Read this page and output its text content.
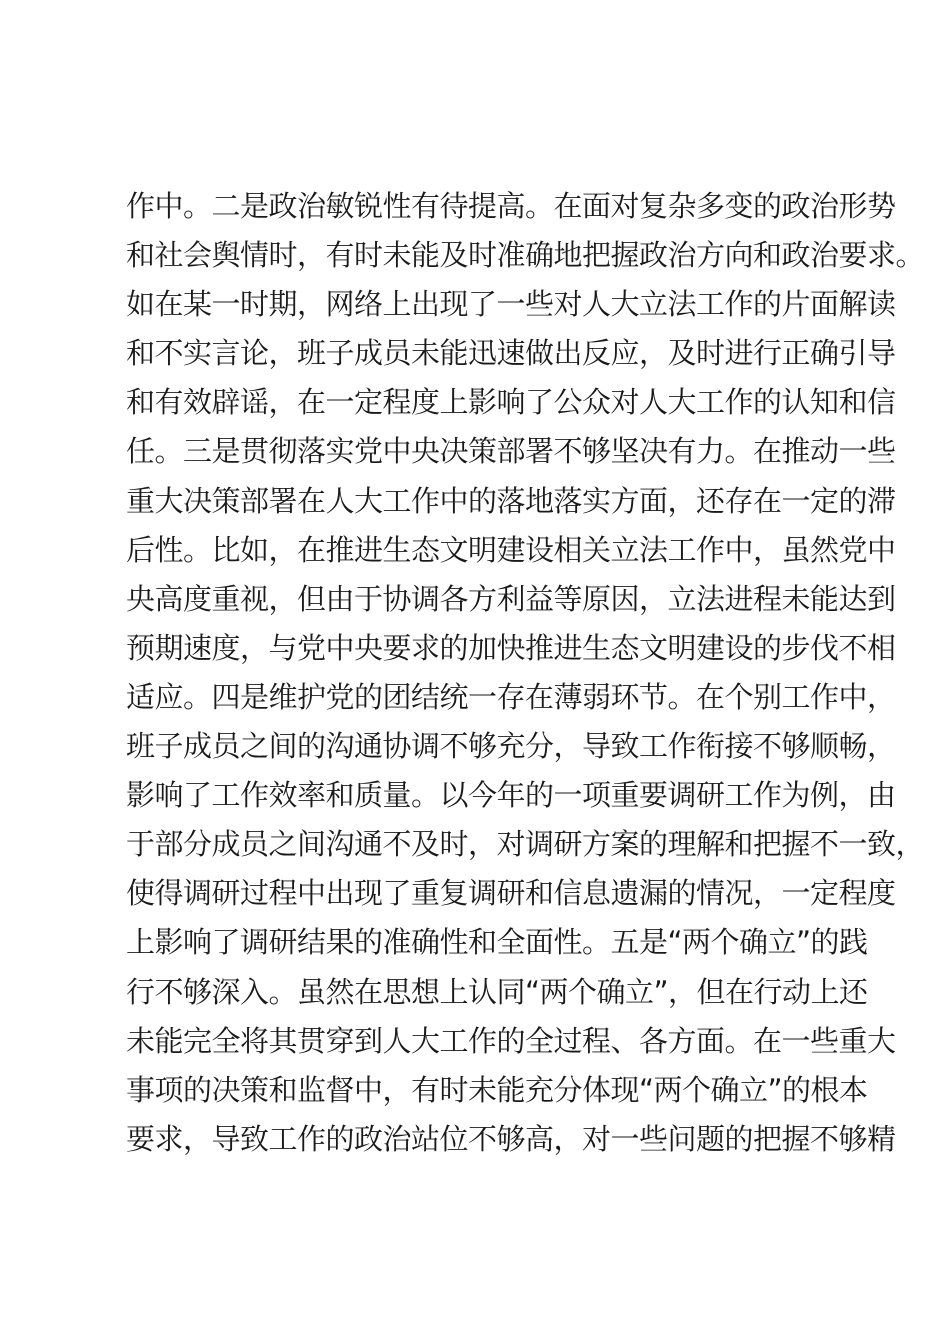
作中。二是政治敏锐性有待提高。在面对复杂多变的政治形势
和社会舆情时，有时未能及时准确地把握政治方向和政治要求。
如在某一时期，网络上出现了一些对人大立法工作的片面解读
和不实言论，班子成员未能迅速做出反应，及时进行正确引导
和有效辟谣，在一定程度上影响了公众对人大工作的认知和信
任。三是贯彻落实党中央决策部署不够坚决有力。在推动一些
重大决策部署在人大工作中的落地落实方面，还存在一定的滞
后性。比如，在推进生态文明建设相关立法工作中，虽然党中
央高度重视，但由于协调各方利益等原因，立法进程未能达到
预期速度，与党中央要求的加快推进生态文明建设的步伐不相
适应。四是维护党的团结统一存在薄弱环节。在个别工作中，
班子成员之间的沟通协调不够充分，导致工作衔接不够顺畅，
影响了工作效率和质量。以今年的一项重要调研工作为例，由
于部分成员之间沟通不及时，对调研方案的理解和把握不一致，
使得调研过程中出现了重复调研和信息遗漏的情况，一定程度
上影响了调研结果的准确性和全面性。五是“两个确立”的践
行不够深入。虽然在思想上认同“两个确立”，但在行动上还
未能完全将其贯穿到人大工作的全过程、各方面。在一些重大
事项的决策和监督中，有时未能充分体现“两个确立”的根本
要求，导致工作的政治站位不够高，对一些问题的把握不够精
